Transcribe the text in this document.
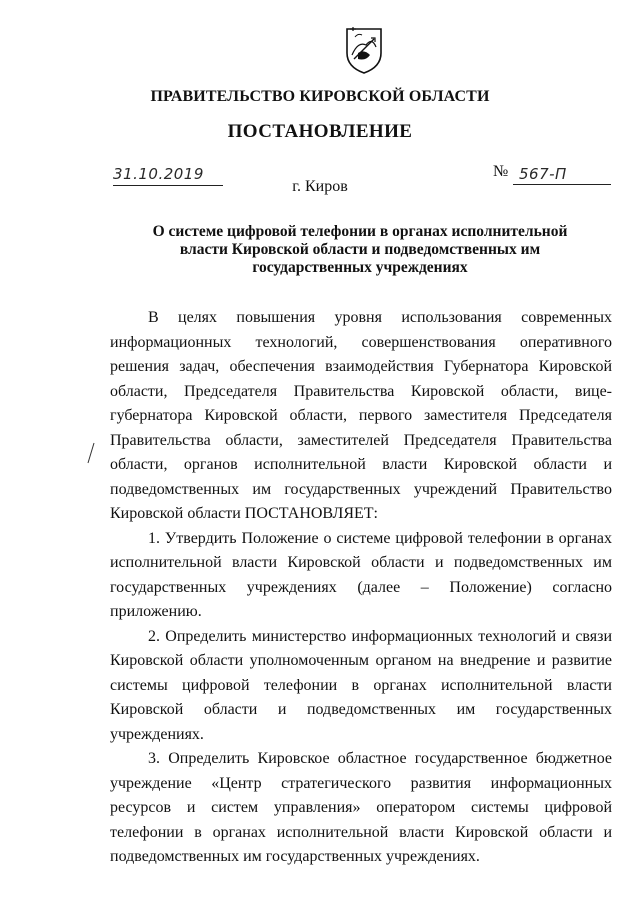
ПРАВИТЕЛЬСТВО КИРОВСКОЙ ОБЛАСТИ
ПОСТАНОВЛЕНИЕ
31.10.2019	№ 567-П
г. Киров
О системе цифровой телефонии в органах исполнительной власти Кировской области и подведомственных им государственных учреждениях

В целях повышения уровня использования современных информационных технологий, совершенствования оперативного решения задач, обеспечения взаимодействия Губернатора Кировской области, Председателя Правительства Кировской области, вице-губернатора Кировской области, первого заместителя Председателя Правительства области, заместителей Председателя Правительства области, органов исполнительной власти Кировской области и подведомственных им государственных учреждений Правительство Кировской области ПОСТАНОВЛЯЕТ:

1. Утвердить Положение о системе цифровой телефонии в органах исполнительной власти Кировской области и подведомственных им государственных учреждениях (далее – Положение) согласно приложению.

2. Определить министерство информационных технологий и связи Кировской области уполномоченным органом на внедрение и развитие системы цифровой телефонии в органах исполнительной власти Кировской области и подведомственных им государственных учреждениях.

3. Определить Кировское областное государственное бюджетное учреждение «Центр стратегического развития информационных ресурсов и систем управления» оператором системы цифровой телефонии в органах исполнительной власти Кировской области и подведомственных им государственных учреждениях.
